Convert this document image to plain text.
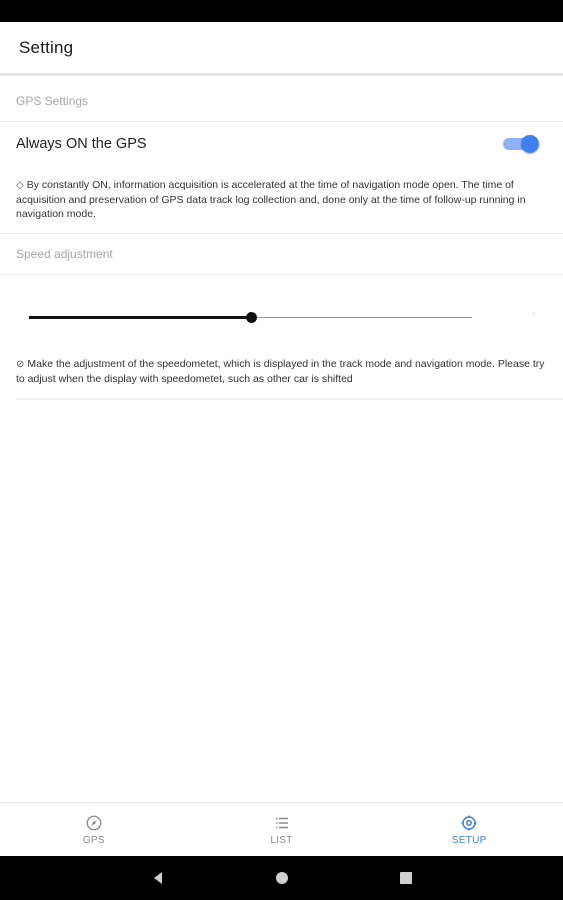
Setting
GPS Settings
Always ON the GPS

◇ By constantly ON, information acquisition is accelerated at the time of navigation mode open. The time of acquisition and preservation of GPS data track log collection and, done only at the time of follow-up running in navigation mode.

Speed adjustment
·

⊘ Make the adjustment of the speedometet, which is displayed in the track mode and navigation mode. Please try to adjust when the display with speedometet, such as other car is shifted

GPS	LIST	SETUP
